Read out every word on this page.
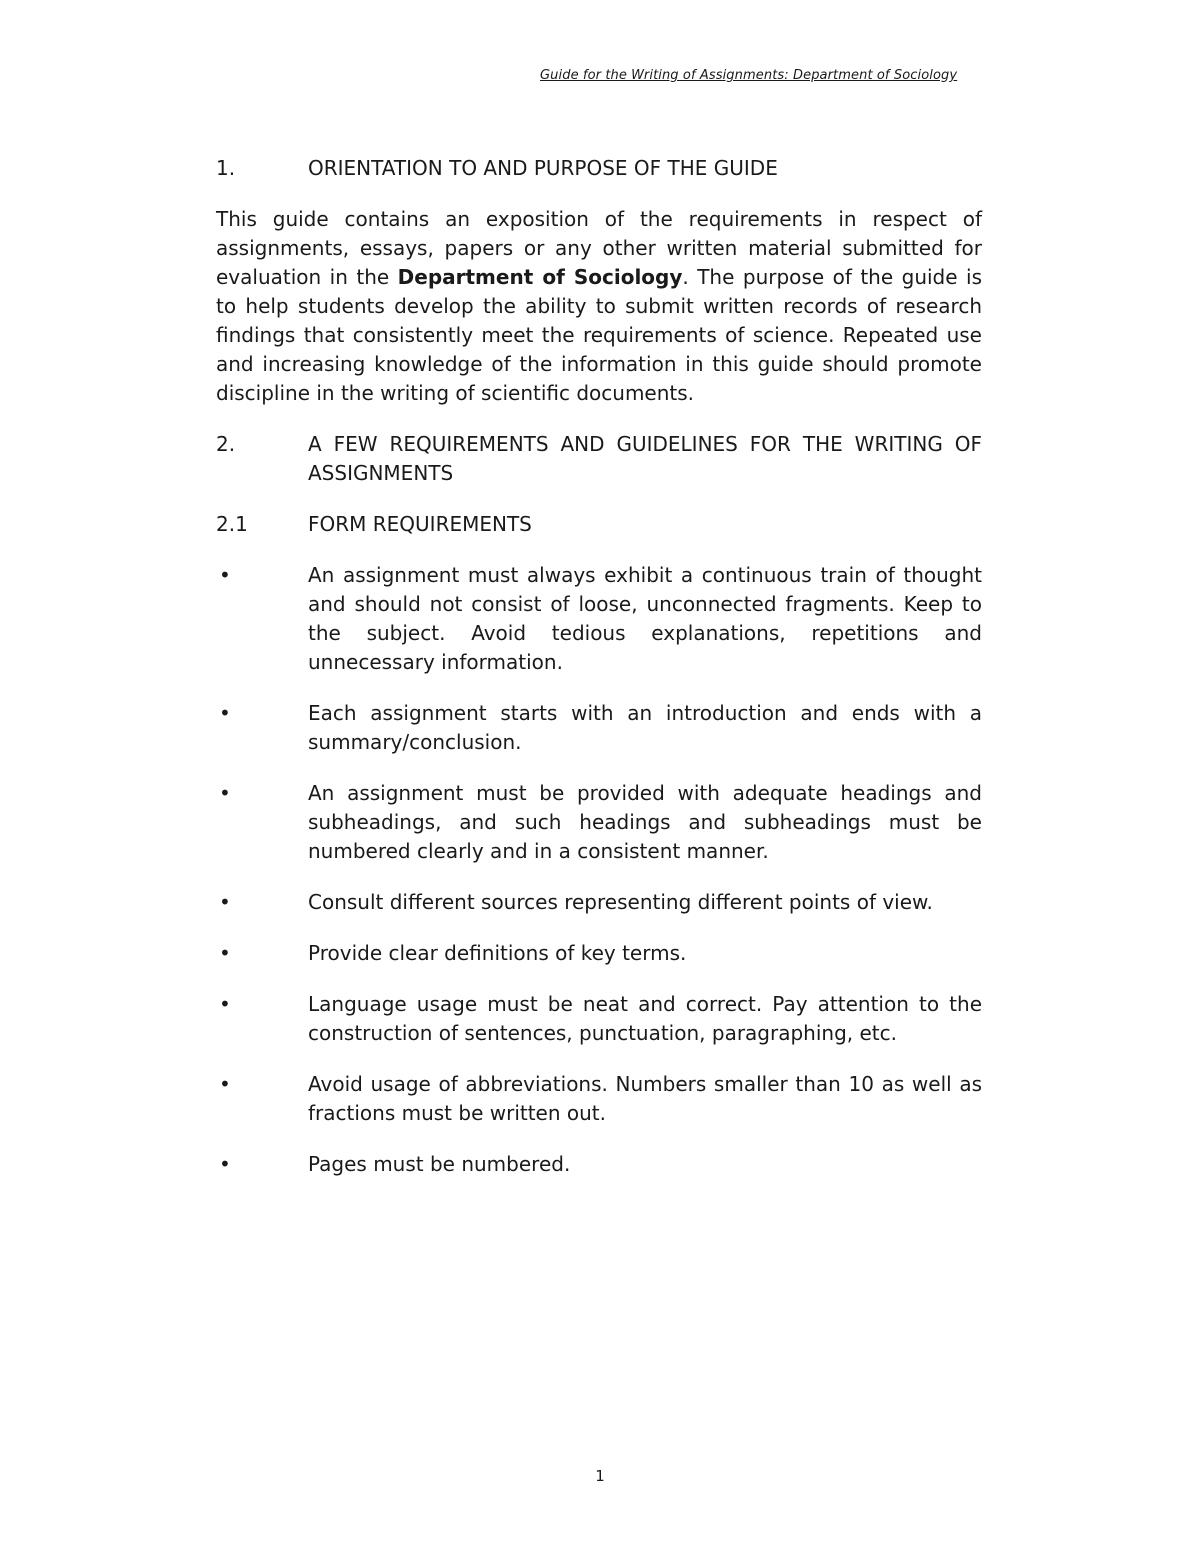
Guide for the Writing of Assignments: Department of Sociology
1.	ORIENTATION TO AND PURPOSE OF THE GUIDE

This guide contains an exposition of the requirements in respect of assignments, essays, papers or any other written material submitted for evaluation in the Department of Sociology. The purpose of the guide is to help students develop the ability to submit written records of research findings that consistently meet the requirements of science. Repeated use and increasing knowledge of the information in this guide should promote discipline in the writing of scientific documents.

2.	A FEW REQUIREMENTS AND GUIDELINES FOR THE WRITING OF ASSIGNMENTS
2.1	FORM REQUIREMENTS
•	An assignment must always exhibit a continuous train of thought and should not consist of loose, unconnected fragments. Keep to the subject. Avoid tedious explanations, repetitions and unnecessary information.
•	Each assignment starts with an introduction and ends with a summary/conclusion.
•	An assignment must be provided with adequate headings and subheadings, and such headings and subheadings must be numbered clearly and in a consistent manner.
•	Consult different sources representing different points of view.
•	Provide clear definitions of key terms.
•	Language usage must be neat and correct. Pay attention to the construction of sentences, punctuation, paragraphing, etc.
•	Avoid usage of abbreviations. Numbers smaller than 10 as well as fractions must be written out.
•	Pages must be numbered.
1
